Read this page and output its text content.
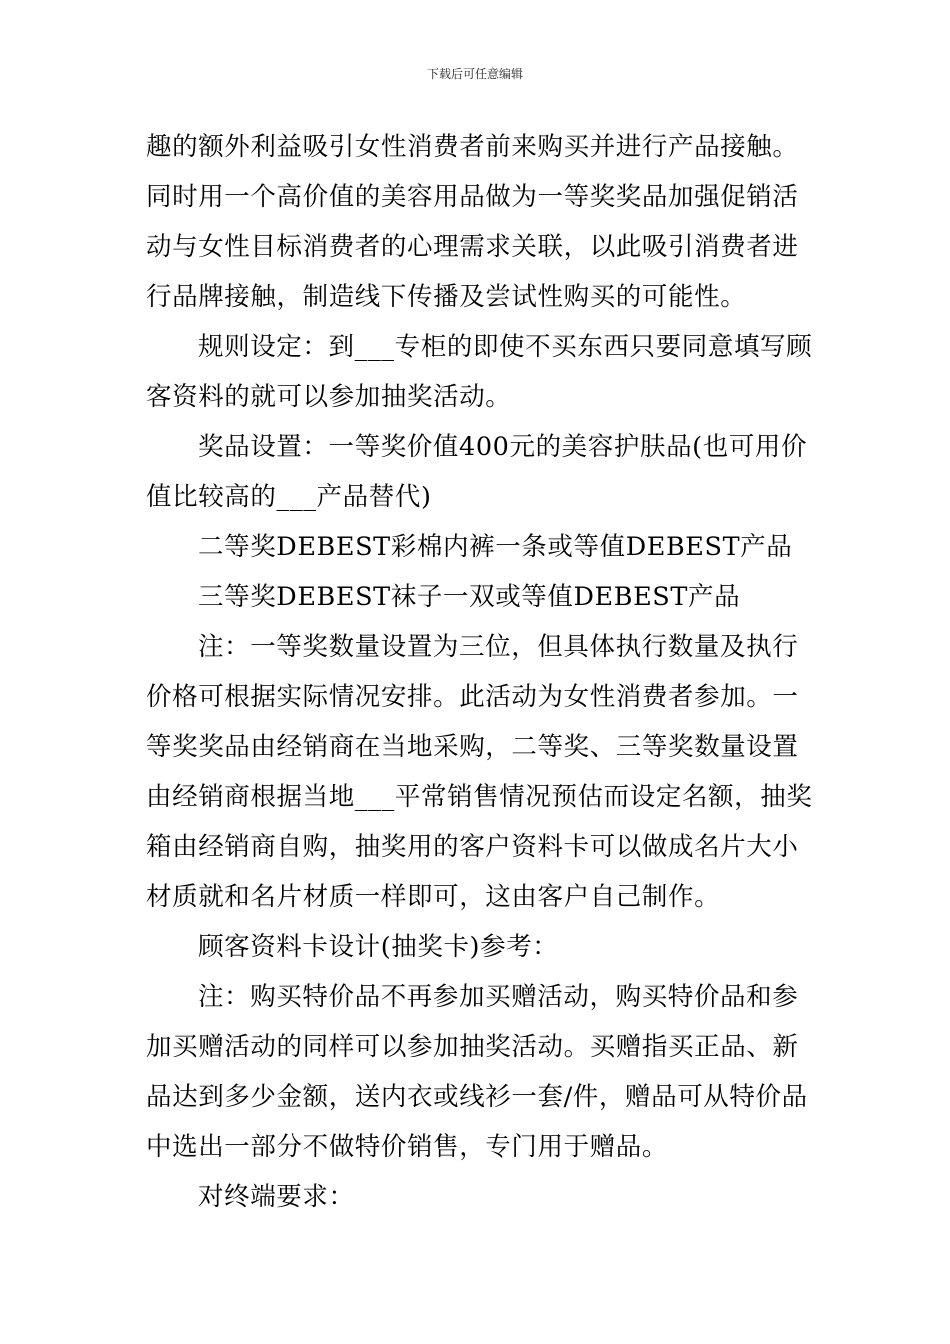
下载后可任意编辑

趣的额外利益吸引女性消费者前来购买并进行产品接触。
同时用一个高价值的美容用品做为一等奖奖品加强促销活
动与女性目标消费者的心理需求关联，以此吸引消费者进
行品牌接触，制造线下传播及尝试性购买的可能性。

规则设定：到___专柜的即使不买东西只要同意填写顾
客资料的就可以参加抽奖活动。

奖品设置：一等奖价值400元的美容护肤品(也可用价
值比较高的___产品替代)

二等奖DEBEST彩棉内裤一条或等值DEBEST产品

三等奖DEBEST袜子一双或等值DEBEST产品

注：一等奖数量设置为三位，但具体执行数量及执行
价格可根据实际情况安排。此活动为女性消费者参加。一
等奖奖品由经销商在当地采购，二等奖、三等奖数量设置
由经销商根据当地___平常销售情况预估而设定名额，抽奖
箱由经销商自购，抽奖用的客户资料卡可以做成名片大小
材质就和名片材质一样即可，这由客户自己制作。

顾客资料卡设计(抽奖卡)参考：

注：购买特价品不再参加买赠活动，购买特价品和参
加买赠活动的同样可以参加抽奖活动。买赠指买正品、新
品达到多少金额，送内衣或线衫一套/件，赠品可从特价品
中选出一部分不做特价销售，专门用于赠品。

对终端要求：
